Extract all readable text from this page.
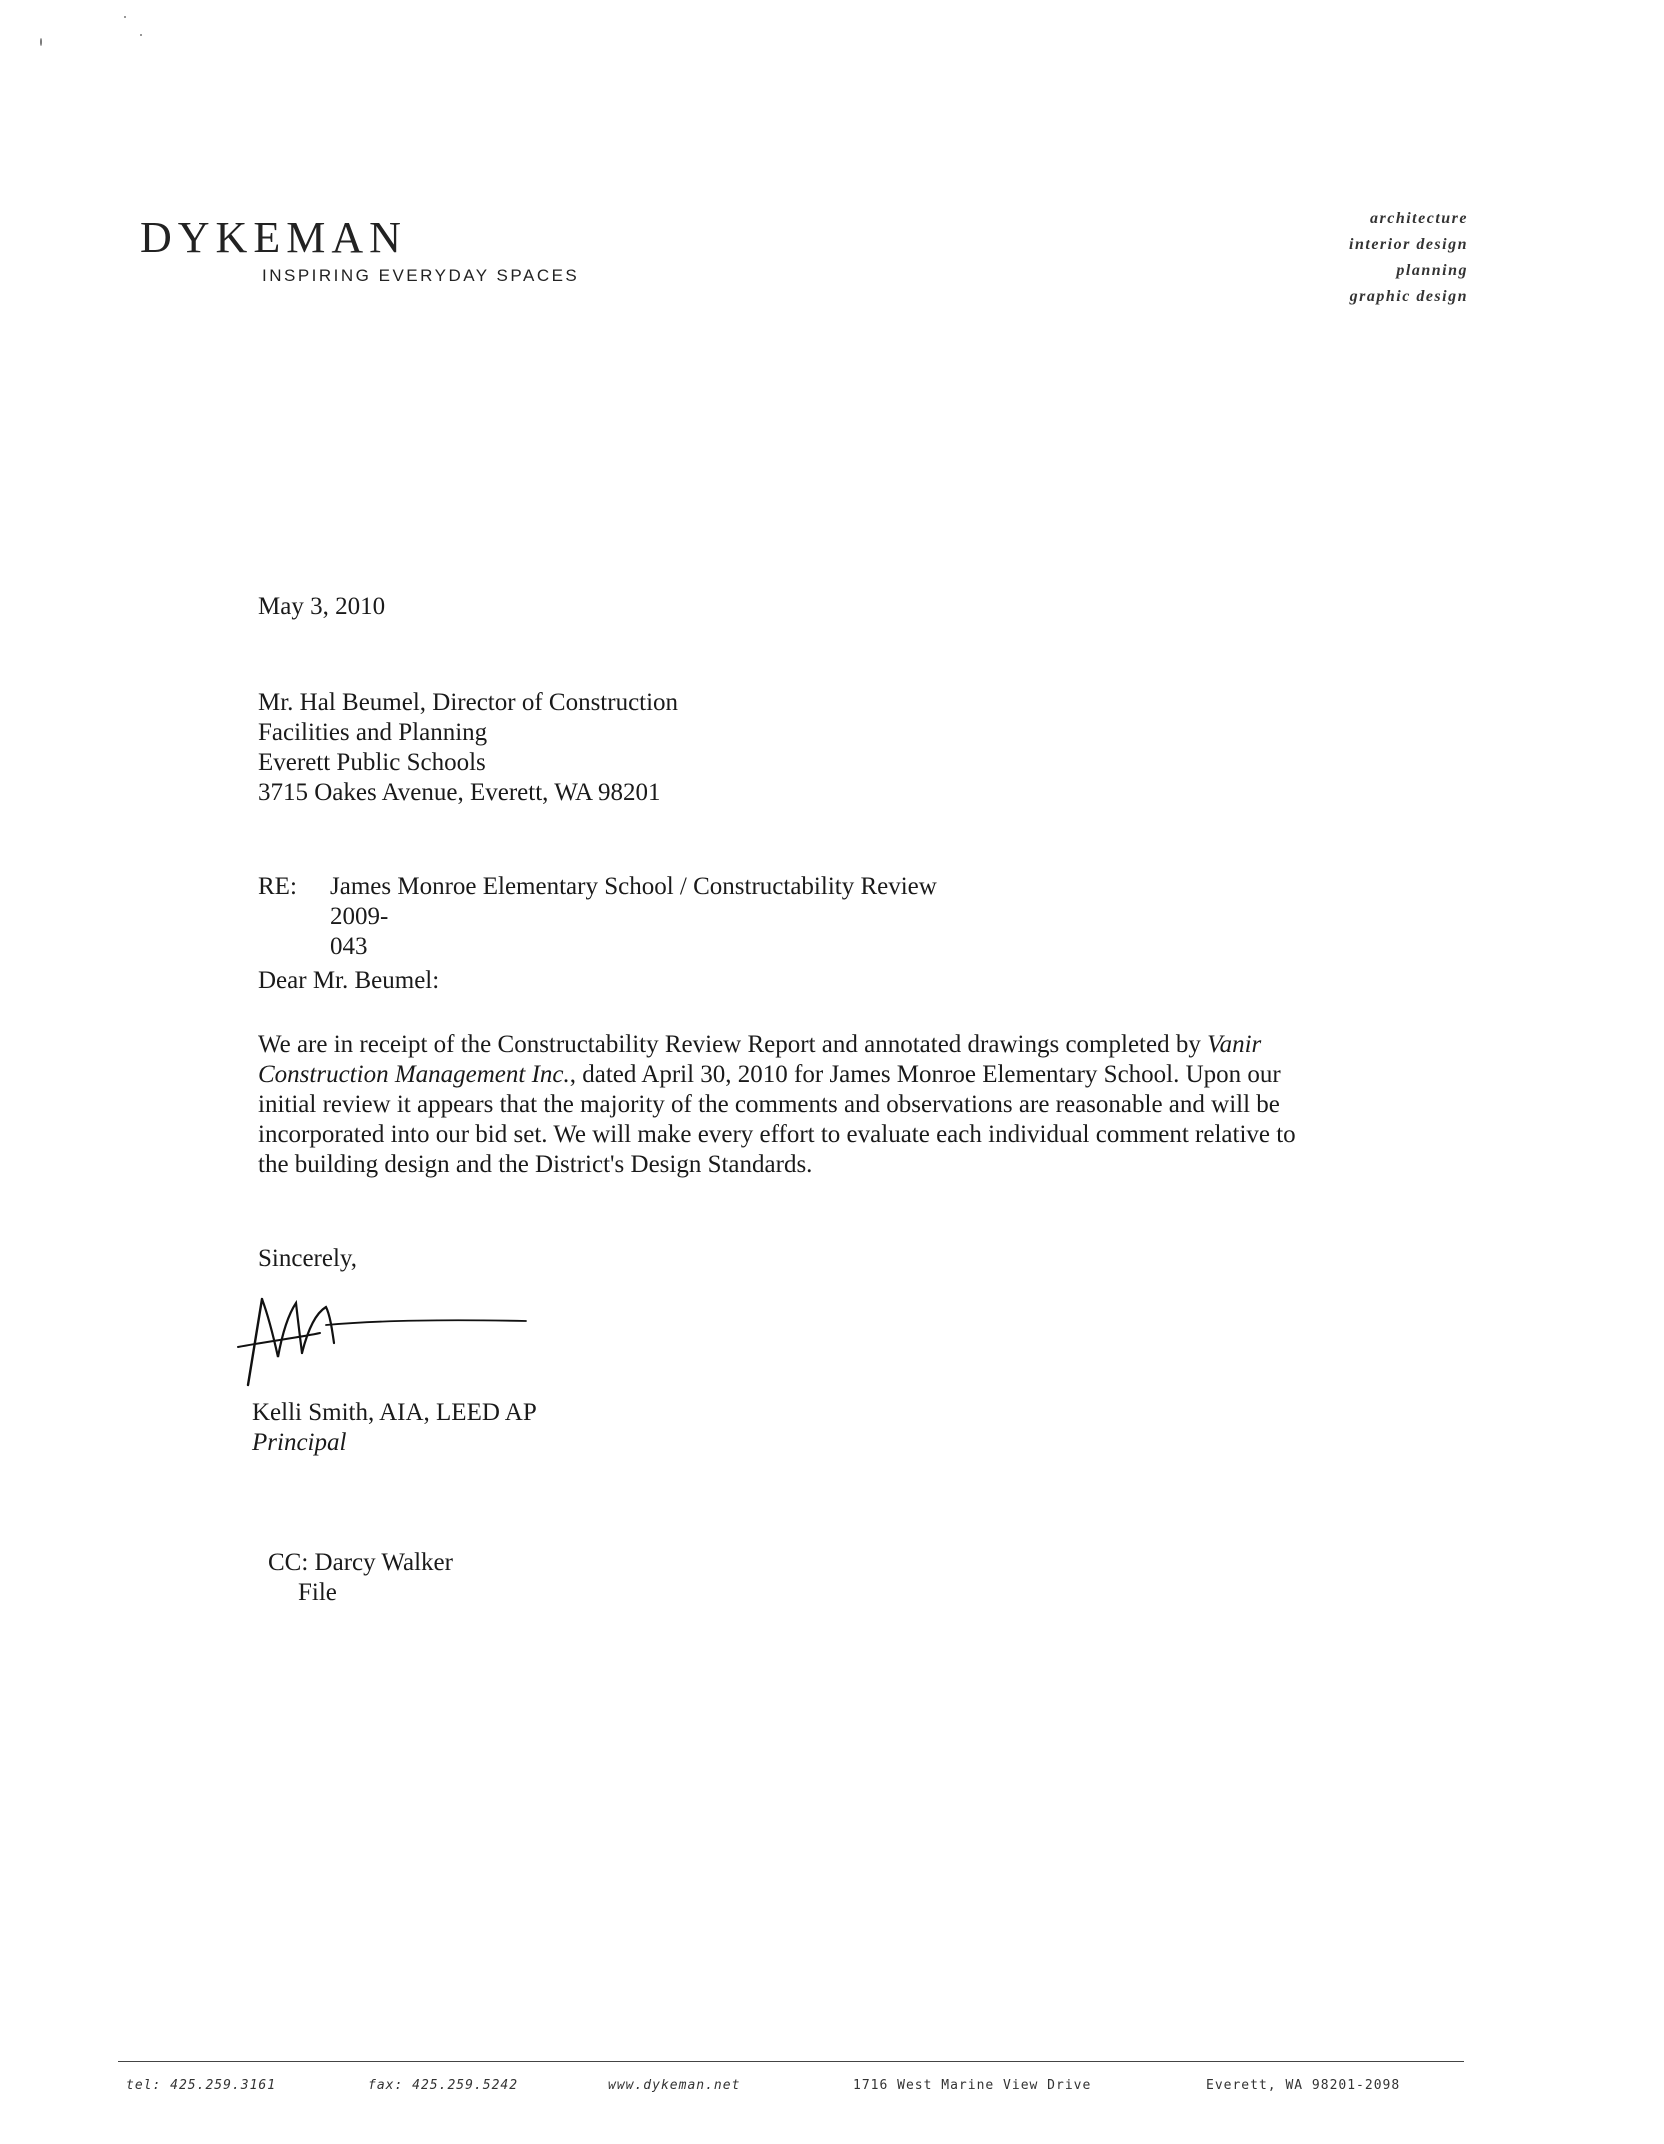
DYKEMAN
INSPIRING EVERYDAY SPACES
architecture
interior design
planning
graphic design
May 3, 2010
Mr. Hal Beumel, Director of Construction
Facilities and Planning
Everett Public Schools
3715 Oakes Avenue, Everett, WA 98201
RE: James Monroe Elementary School / Constructability Review
2009-043
Dear Mr. Beumel:
We are in receipt of the Constructability Review Report and annotated drawings completed by Vanir
Construction Management Inc., dated April 30, 2010 for James Monroe Elementary School. Upon our
initial review it appears that the majority of the comments and observations are reasonable and will be
incorporated into our bid set. We will make every effort to evaluate each individual comment relative to
the building design and the District's Design Standards.
Sincerely,
Kelli Smith, AIA, LEED AP
Principal
CC: Darcy Walker
File
tel: 425.259.3161	fax: 425.259.5242	www.dykeman.net	1716 West Marine View Drive	Everett, WA 98201-2098
